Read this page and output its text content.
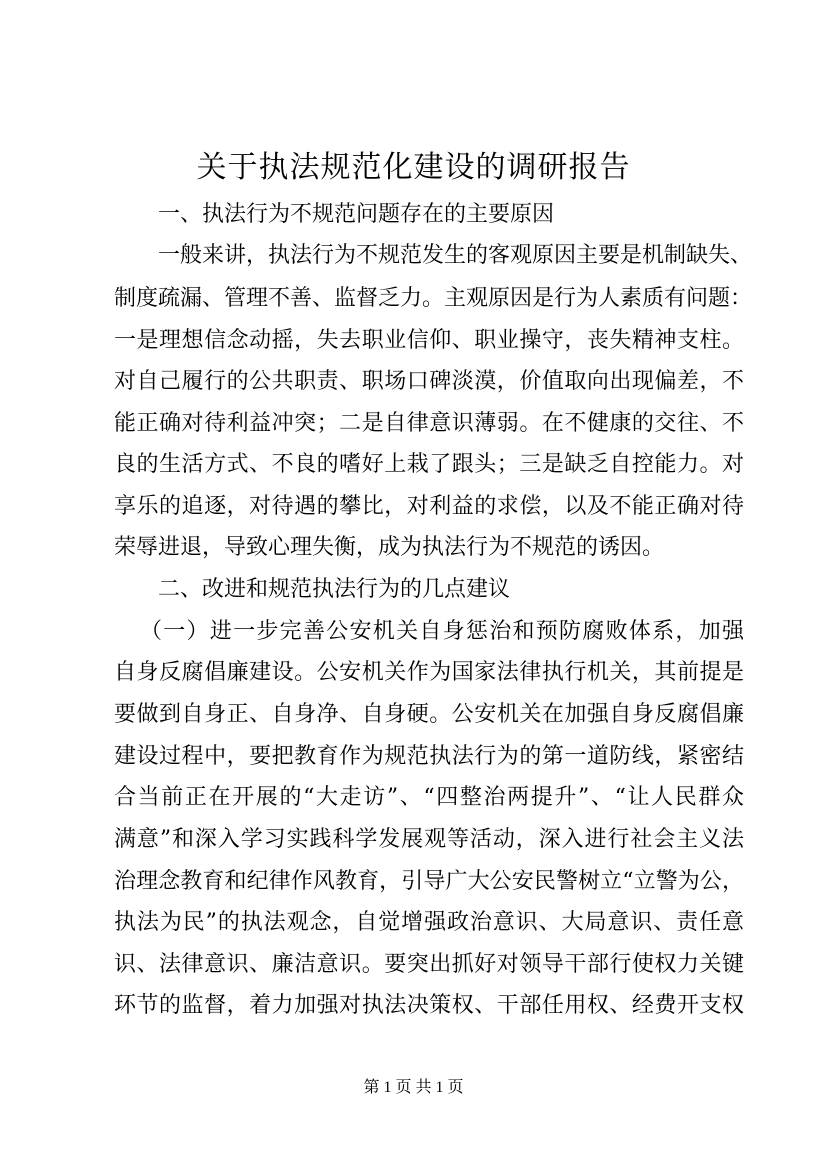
关于执法规范化建设的调研报告
一、执法行为不规范问题存在的主要原因
一般来讲，执法行为不规范发生的客观原因主要是机制缺失、
制度疏漏、管理不善、监督乏力。主观原因是行为人素质有问题：
一是理想信念动摇，失去职业信仰、职业操守，丧失精神支柱。
对自己履行的公共职责、职场口碑淡漠，价值取向出现偏差，不
能正确对待利益冲突；二是自律意识薄弱。在不健康的交往、不
良的生活方式、不良的嗜好上栽了跟头；三是缺乏自控能力。对
享乐的追逐，对待遇的攀比，对利益的求偿，以及不能正确对待
荣辱进退，导致心理失衡，成为执法行为不规范的诱因。
二、改进和规范执法行为的几点建议
（一）进一步完善公安机关自身惩治和预防腐败体系，加强
自身反腐倡廉建设。公安机关作为国家法律执行机关，其前提是
要做到自身正、自身净、自身硬。公安机关在加强自身反腐倡廉
建设过程中，要把教育作为规范执法行为的第一道防线，紧密结
合当前正在开展的“大走访”、“四整治两提升”、“让人民群众
满意”和深入学习实践科学发展观等活动，深入进行社会主义法
治理念教育和纪律作风教育，引导广大公安民警树立“立警为公，
执法为民”的执法观念，自觉增强政治意识、大局意识、责任意
识、法律意识、廉洁意识。要突出抓好对领导干部行使权力关键
环节的监督，着力加强对执法决策权、干部任用权、经费开支权
第 1 页 共 1 页
